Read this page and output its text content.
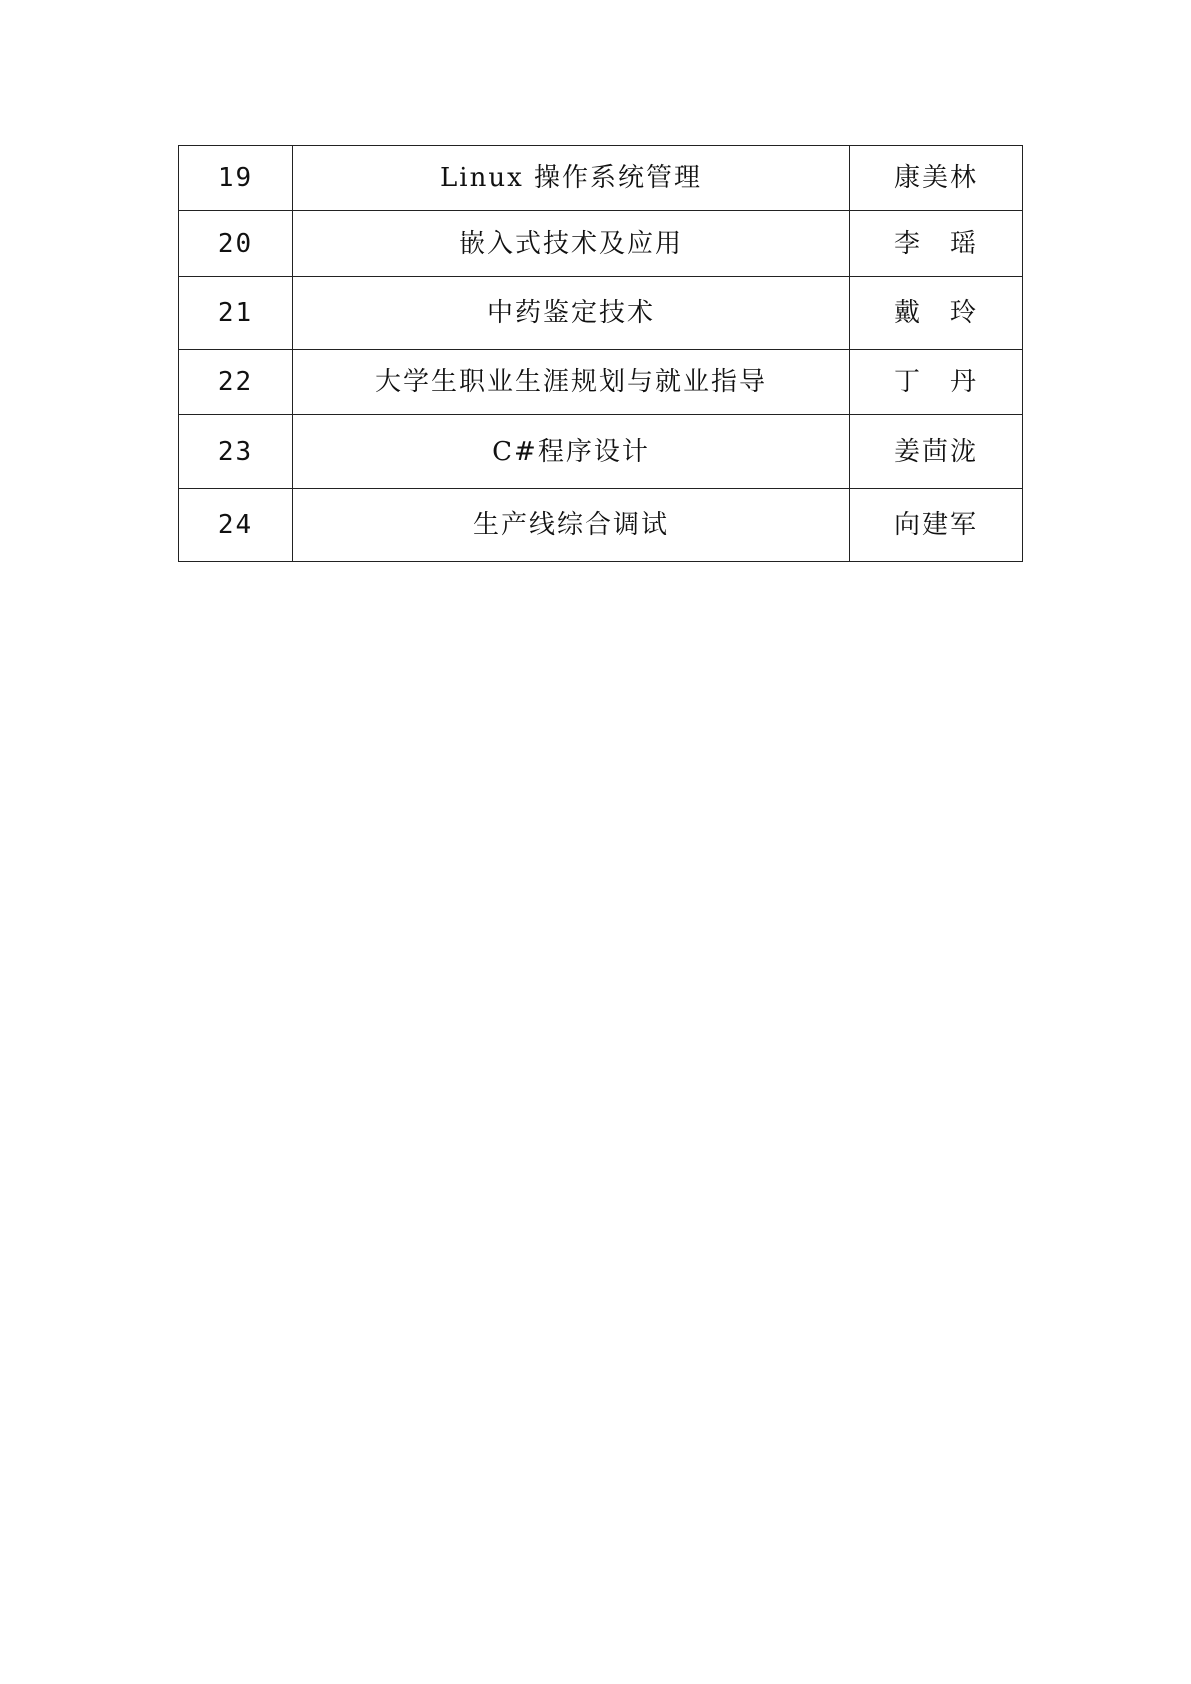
19	Linux 操作系统管理	康美林
20	嵌入式技术及应用	李　瑶
21	中药鉴定技术	戴　玲
22	大学生职业生涯规划与就业指导	丁　丹
23	C#程序设计	姜茴泷
24	生产线综合调试	向建军
